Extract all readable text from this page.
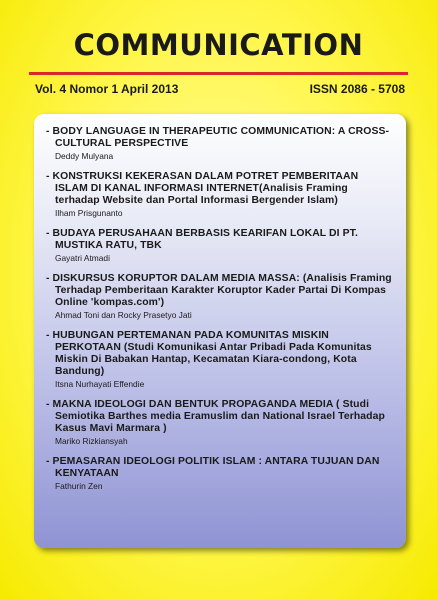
COMMUNICATION
Vol. 4 Nomor 1 April 2013	ISSN 2086 - 5708
- BODY LANGUAGE IN THERAPEUTIC COMMUNICATION: A CROSS-CULTURAL PERSPECTIVE
Deddy Mulyana
- KONSTRUKSI KEKERASAN DALAM POTRET PEMBERITAAN ISLAM DI KANAL INFORMASI INTERNET(Analisis Framing terhadap Website dan Portal Informasi Bergender Islam)
Ilham Prisgunanto
- BUDAYA PERUSAHAAN BERBASIS KEARIFAN LOKAL DI PT. MUSTIKA RATU, TBK
Gayatri Atmadi
- DISKURSUS KORUPTOR DALAM MEDIA MASSA: (Analisis Framing Terhadap Pemberitaan Karakter Koruptor Kader Partai Di Kompas Online 'kompas.com')
Ahmad Toni dan Rocky Prasetyo Jati
- HUBUNGAN PERTEMANAN PADA KOMUNITAS MISKIN PERKOTAAN (Studi Komunikasi Antar Pribadi Pada Komunitas Miskin Di Babakan Hantap, Kecamatan Kiara-condong, Kota Bandung)
Itsna Nurhayati Effendie
- MAKNA IDEOLOGI DAN BENTUK PROPAGANDA MEDIA ( Studi Semiotika Barthes media Eramuslim dan National Israel Terhadap Kasus Mavi Marmara )
Mariko Rizkiansyah
- PEMASARAN IDEOLOGI POLITIK ISLAM : ANTARA TUJUAN DAN KENYATAAN
Fathurin Zen
